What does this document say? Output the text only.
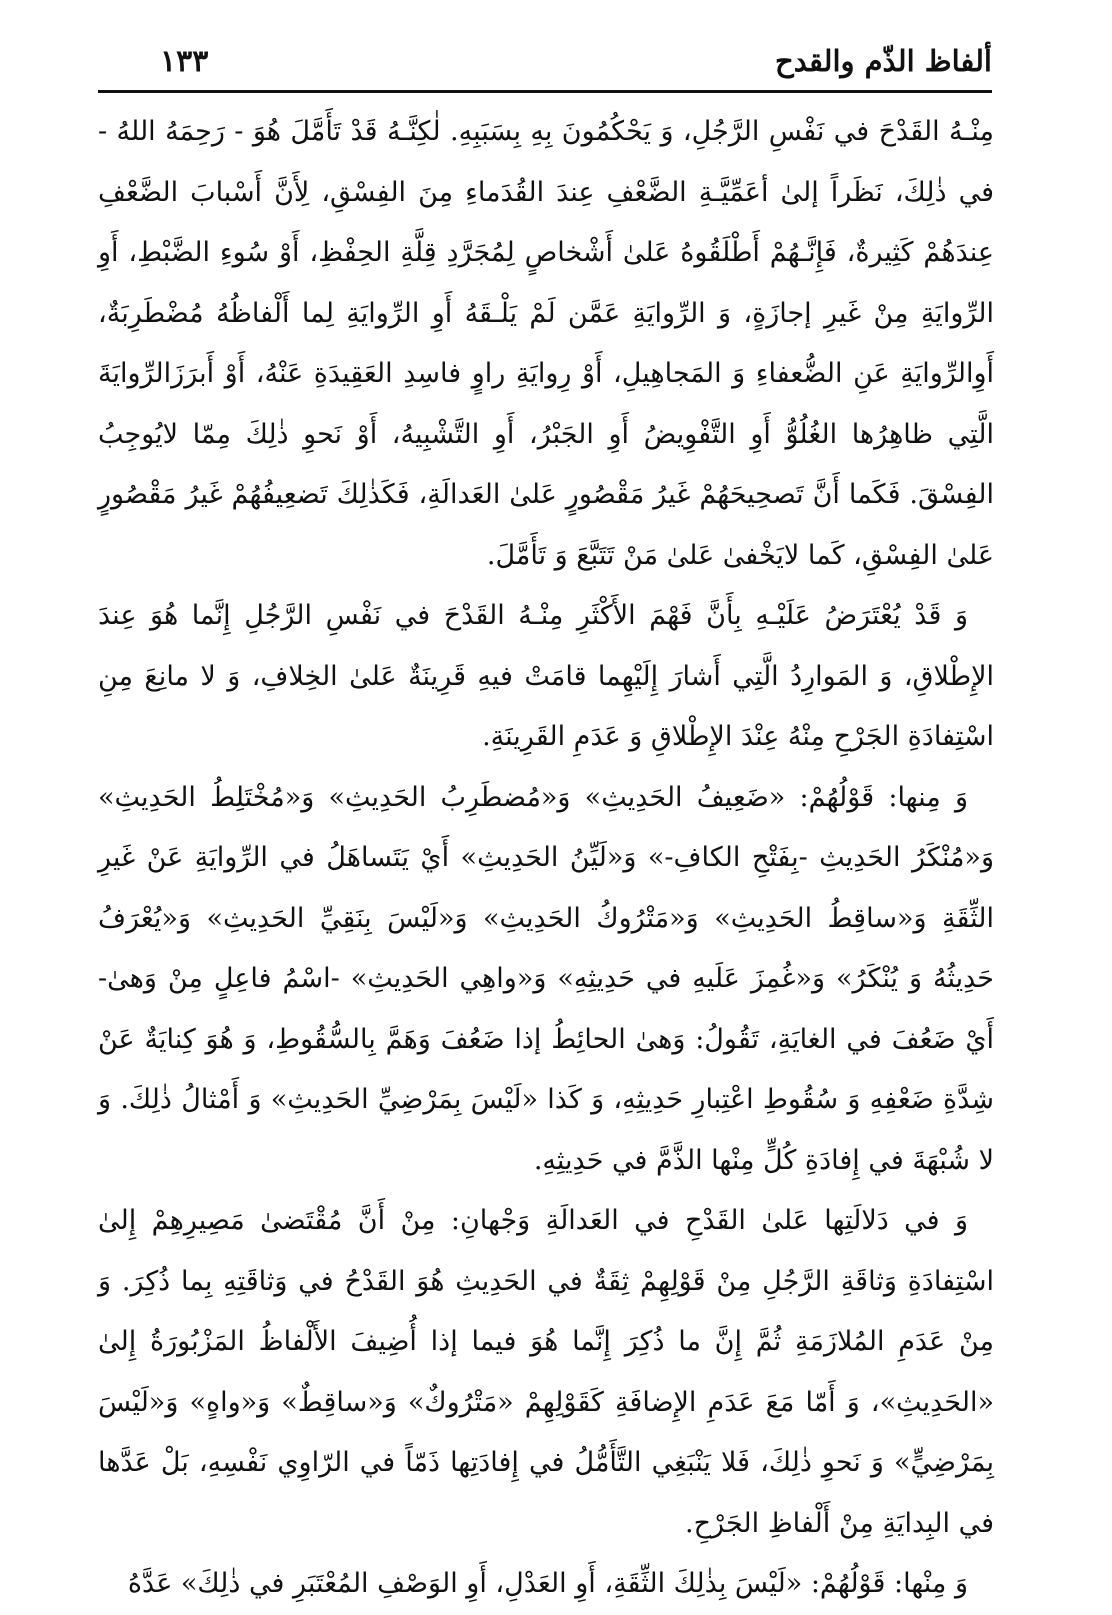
ألفاظ الذّم والقدح
١٣٣

مِنْـهُ القَدْحَ في نَفْسِ الرَّجُلِ، وَ يَحْكُمُونَ بِهِ بِسَبَبِهِ. لٰكِنَّـهُ قَدْ تَأَمَّلَ هُوَ - رَحِمَهُ اللهُ - في ذٰلِكَ، نَظَراً إلىٰ أعَمِّيَّـةِ الضَّعْفِ عِندَ القُدَماءِ مِنَ الفِسْقِ، لِأَنَّ أَسْبابَ الضَّعْفِ عِندَهُمْ كَثِيرةٌ، فَإِنَّـهُمْ أَطْلَقُوهُ عَلىٰ أَشْخاصٍ لِمُجَرَّدِ قِلَّةِ الحِفْظِ، أَوْ سُوءِ الضَّبْطِ، أَوِ الرِّوايَةِ مِنْ غَيرِ إجازَةٍ، وَ الرِّوايَةِ عَمَّن لَمْ يَلْـقَهُ أَوِ الرِّوايَةِ لِما أَلْفاظُهُ مُضْطَرِبَةٌ، أَوِالرِّوايَةِ عَنِ الضُّعفاءِ وَ المَجاهِيلِ، أَوْ رِوايَةِ راوٍ فاسِدِ العَقِيدَةِ عَنْهُ، أَوْ أَبرَزَالرِّوايَةَ الَّتِي ظاهِرُها الغُلُوُّ أَوِ التَّفْوِيضُ أَوِ الجَبْرُ، أَوِ التَّشْبِيهُ، أَوْ نَحوِ ذٰلِكَ مِمّا لايُوجِبُ الفِسْقَ. فَكَما أَنَّ تَصحِيحَهُمْ غَيرُ مَقْصُورٍ عَلىٰ العَدالَةِ، فَكَذٰلِكَ تَضعِيفُهُمْ غَيرُ مَقْصُورٍ عَلىٰ الفِسْقِ، كَما لايَخْفىٰ عَلىٰ مَنْ تَتَبَّعَ وَ تَأَمَّلَ.

وَ قَدْ يُعْتَرَضُ عَلَيْـهِ بِأَنَّ فَهْمَ الأَكْثَرِ مِنْـهُ القَدْحَ في نَفْسِ الرَّجُلِ إِنَّما هُوَ عِندَ الإِطْلاقِ، وَ المَوارِدُ الَّتِي أَشارَ إِلَيْهِما قامَتْ فيهِ قَرِينَةٌ عَلىٰ الخِلافِ، وَ لا مانِعَ مِنِ اسْتِفادَةِ الجَرْحِ مِنْهُ عِنْدَ الإِطْلاقِ وَ عَدَمِ القَرِينَةِ.

وَ مِنها: قَوْلُهُمْ: «ضَعِيفُ الحَدِيثِ» وَ«مُضطَرِبُ الحَدِيثِ» وَ«مُخْتَلِطُ الحَدِيثِ» وَ«مُنْكَرُ الحَدِيثِ -بِفَتْحِ الكافِ-» وَ«لَيِّنُ الحَدِيثِ» أَيْ يَتَساهَلُ في الرِّوايَةِ عَنْ غَيرِ الثِّقَةِ وَ«ساقِطُ الحَدِيثِ» وَ«مَتْرُوكُ الحَدِيثِ» وَ«لَيْسَ بِنَقِيِّ الحَدِيثِ» وَ«يُعْرَفُ حَدِيثُهُ وَ يُنْكَرُ» وَ«غُمِزَ عَلَيهِ في حَدِيثِهِ» وَ«واهِي الحَدِيثِ» -اسْمُ فاعِلٍ مِنْ وَهىٰ- أَيْ ضَعُفَ في الغايَةِ، تَقُولُ: وَهىٰ الحائِطُ إذا ضَعُفَ وَهَمَّ بِالسُّقُوطِ، وَ هُوَ كِنايَةٌ عَنْ شِدَّةِ ضَعْفِهِ وَ سُقُوطِ اعْتِبارِ حَدِيثِهِ، وَ كَذا «لَيْسَ بِمَرْضِيِّ الحَدِيثِ» وَ أَمْثالُ ذٰلِكَ. وَ لا شُبْهَةَ في إِفادَةِ كُلٍّ مِنْها الذَّمَّ في حَدِيثِهِ.

وَ في دَلالَتِها عَلىٰ القَدْحِ في العَدالَةِ وَجْهانِ: مِنْ أَنَّ مُقْتَضىٰ مَصِيرِهِمْ إِلىٰ اسْتِفادَةِ وَثاقَةِ الرَّجُلِ مِنْ قَوْلِهِمْ ثِقَةٌ في الحَدِيثِ هُوَ القَدْحُ في وَثاقَتِهِ بِما ذُكِرَ. وَ مِنْ عَدَمِ المُلازَمَةِ ثُمَّ إِنَّ ما ذُكِرَ إِنَّما هُوَ فيما إذا أُضِيفَ الأَلْفاظُ المَزْبُورَةُ إِلىٰ «الحَدِيثِ»، وَ أَمّا مَعَ عَدَمِ الإِضافَةِ كَقَوْلِهِمْ «مَتْرُوكٌ» وَ«ساقِطٌ» وَ«واهٍ» وَ«لَيْسَ بِمَرْضِيٍّ» وَ نَحوِ ذٰلِكَ، فَلا يَنْبَغِي التَّأَمُّلُ في إِفادَتِها ذَمّاً في الرّاوِي نَفْسِهِ، بَلْ عَدَّها في البِدايَةِ مِنْ أَلْفاظِ الجَرْحِ.

وَ مِنْها: قَوْلُهُمْ: «لَيْسَ بِذٰلِكَ الثِّقَةِ، أَوِ العَدْلِ، أَوِ الوَصْفِ المُعْتَبَرِ في ذٰلِكَ» عَدَّهُ
